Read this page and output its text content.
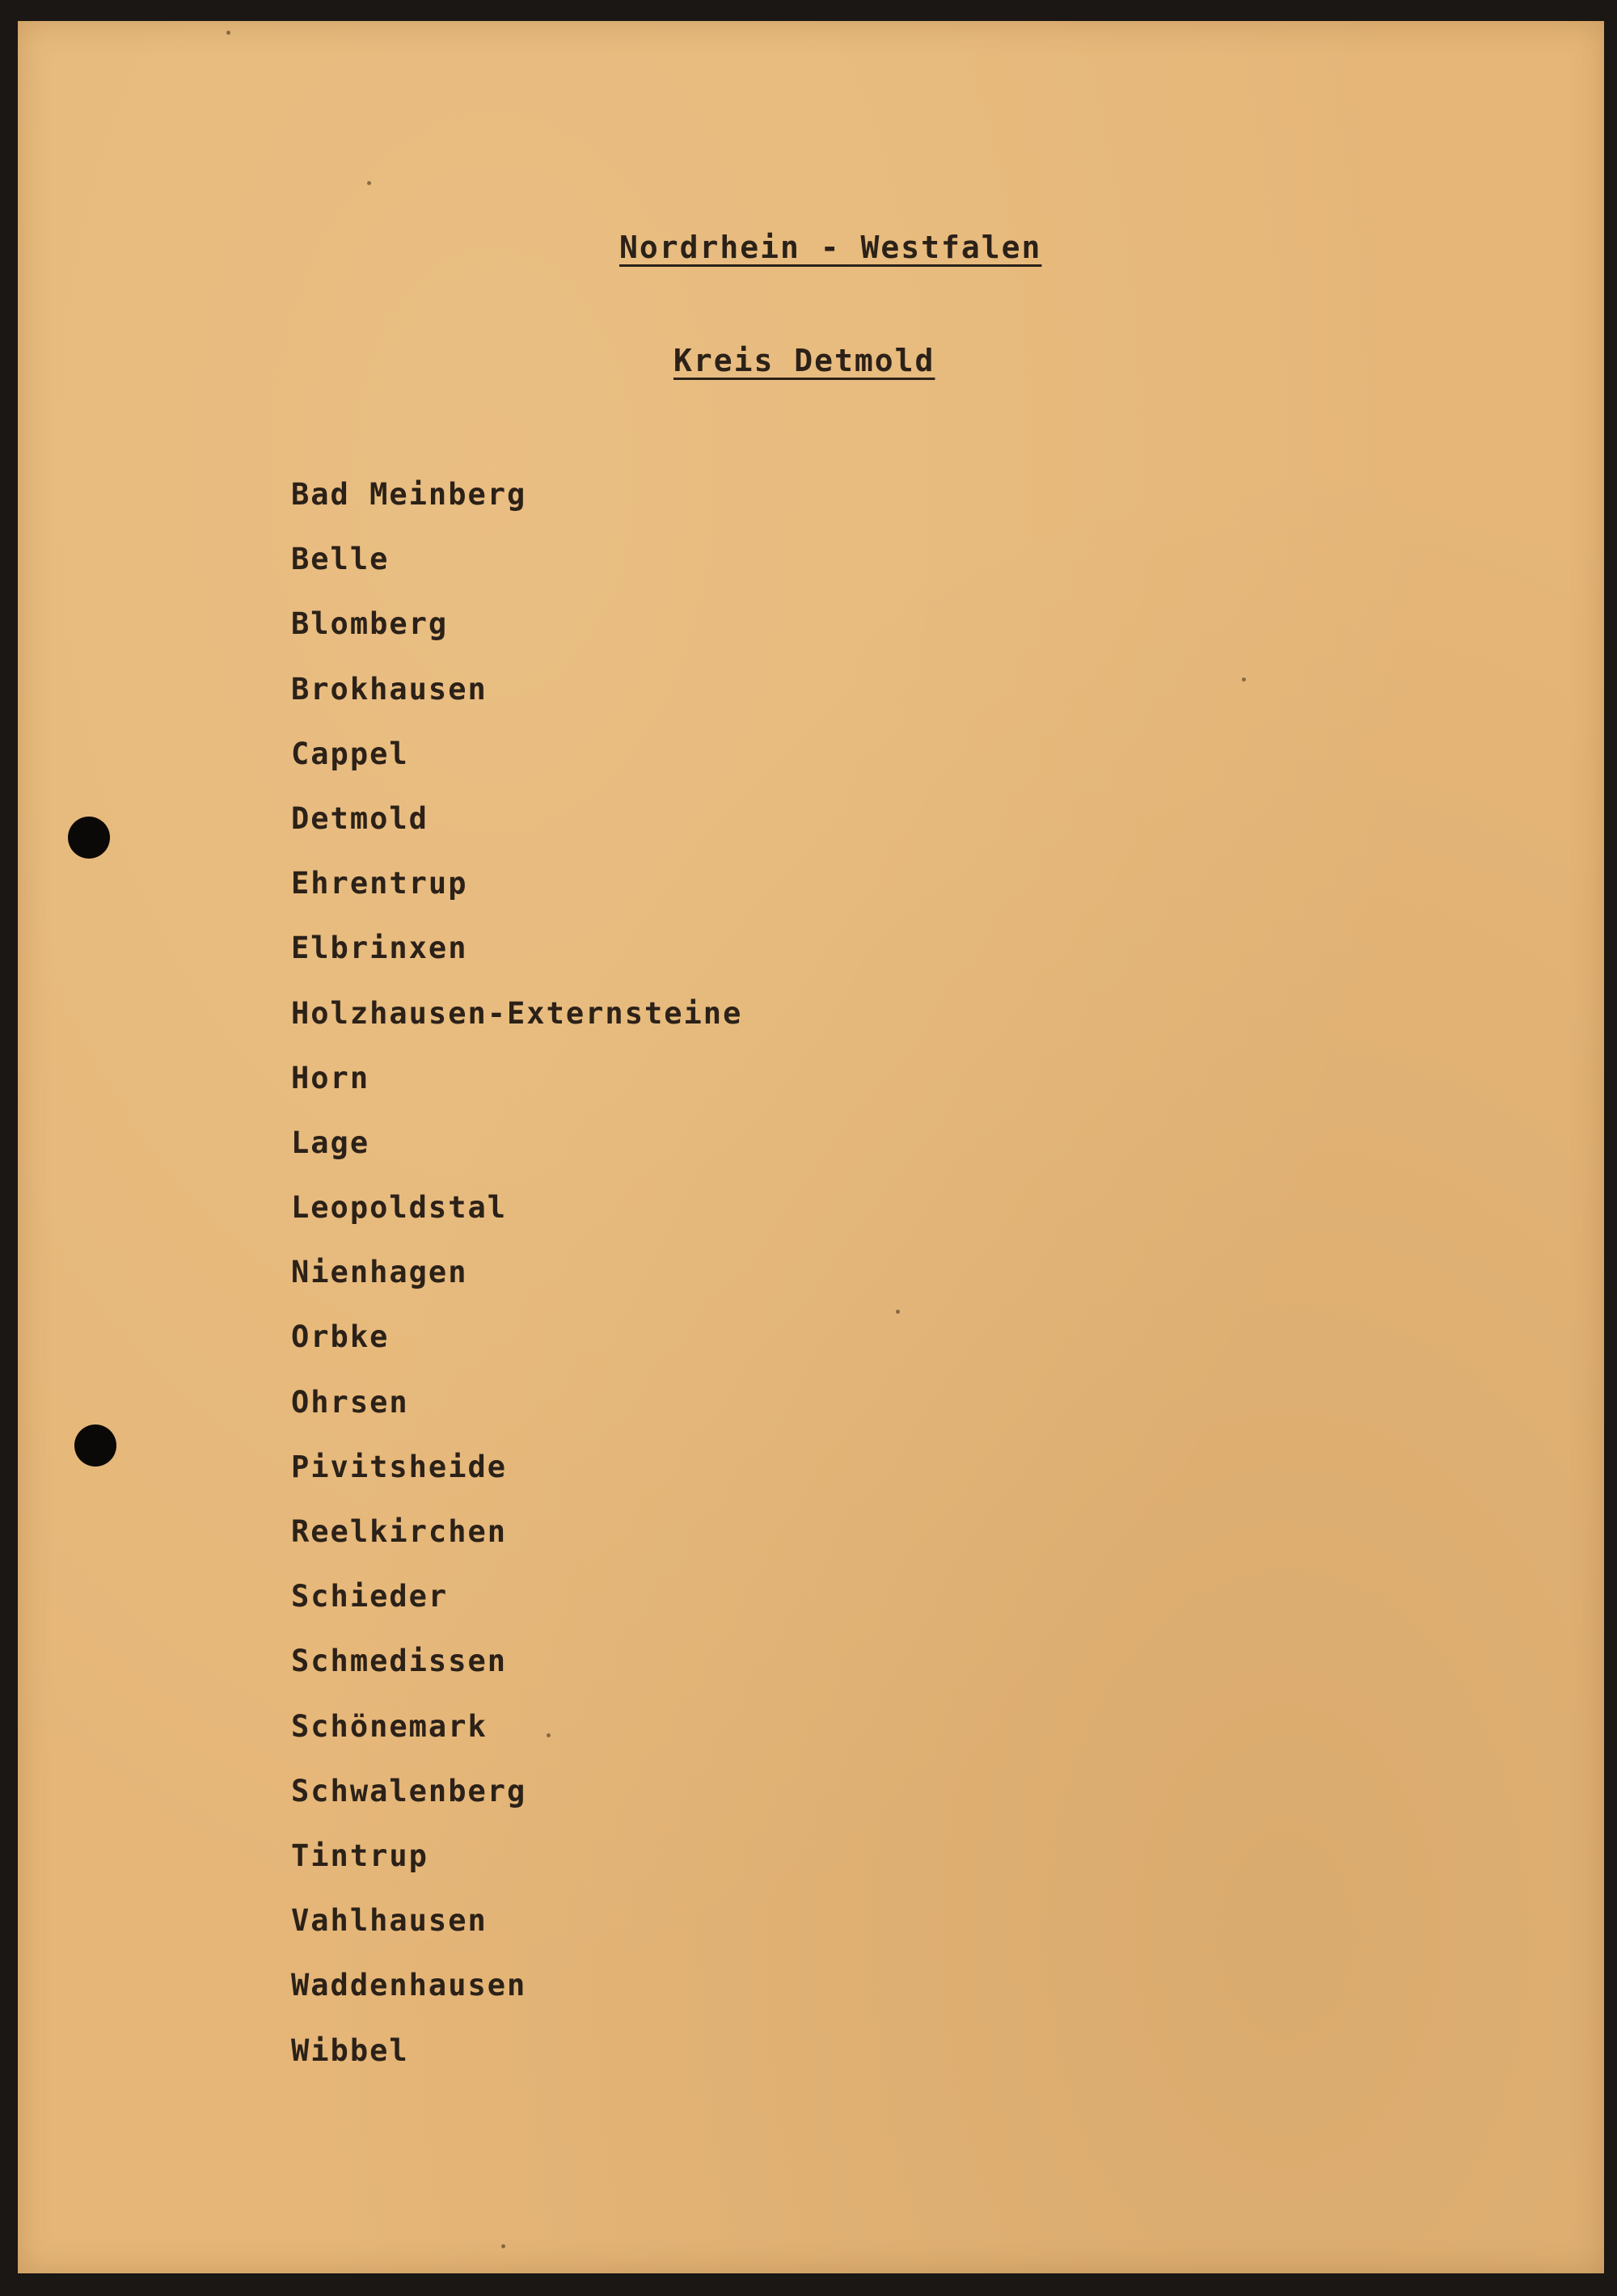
Nordrhein - Westfalen
Kreis Detmold
Bad Meinberg
Belle
Blomberg
Brokhausen
Cappel
Detmold
Ehrentrup
Elbrinxen
Holzhausen-Externsteine
Horn
Lage
Leopoldstal
Nienhagen
Orbke
Ohrsen
Pivitsheide
Reelkirchen
Schieder
Schmedissen
Schönemark
Schwalenberg
Tintrup
Vahlhausen
Waddenhausen
Wibbel
